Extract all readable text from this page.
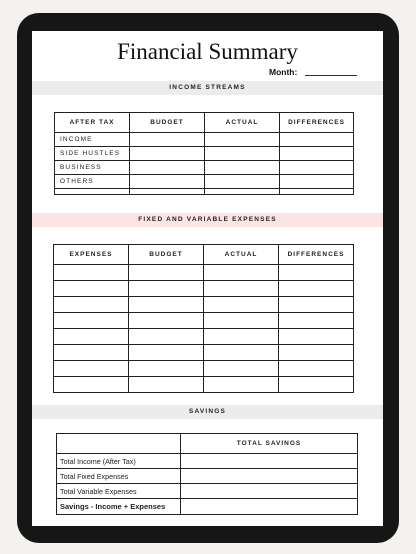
Financial Summary
Month:
INCOME STREAMS
AFTER TAX	BUDGET	ACTUAL	DIFFERENCES
INCOME			
SIDE HUSTLES			
BUSINESS			
OTHERS			

FIXED AND VARIABLE EXPENSES
EXPENSES	BUDGET	ACTUAL	DIFFERENCES

SAVINGS
	TOTAL SAVINGS
Total Income (After Tax)	
Total Fixed Expenses	
Total Variable Expenses	
Savings - Income + Expenses	
